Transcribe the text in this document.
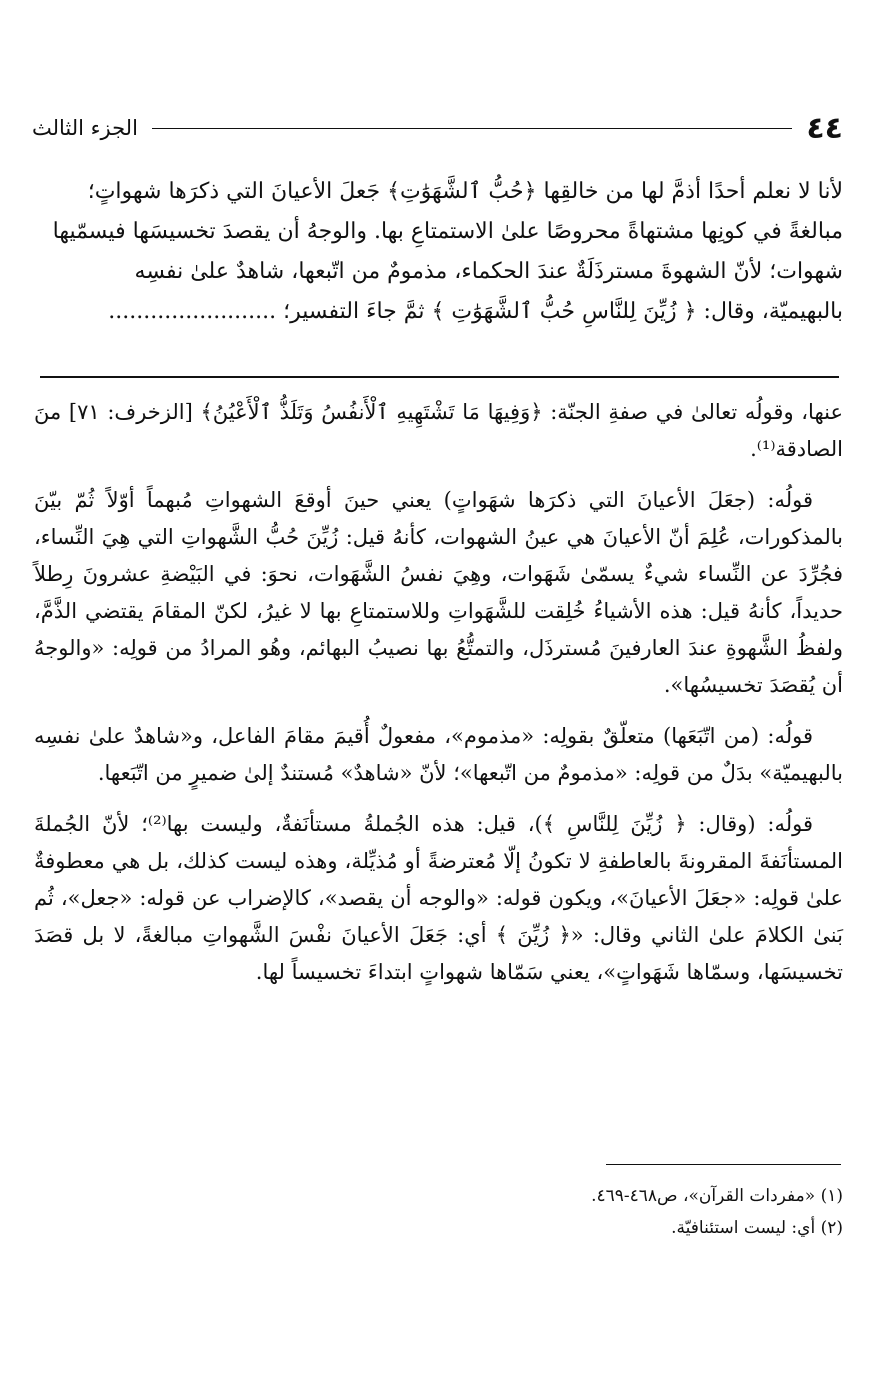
٤٤
الجزء الثالث

لأنا لا نعلم أحدًا أذمَّ لها من خالقِها ﴿حُبُّ ٱلشَّهَوَٰتِ﴾ جَعلَ الأعيانَ التي ذكرَها شهواتٍ؛

مبالغةً في كونِها مشتهاةً محروصًا علىٰ الاستمتاعِ بها. والوجهُ أن يقصدَ تخسيسَها فيسمّيها

شهوات؛ لأنّ الشهوةَ مسترذَلَةٌ عندَ الحكماء، مذمومٌ من اتّبعها، شاهدٌ علىٰ نفسِه

بالبهيميّة، وقال: ﴿ زُيِّنَ لِلنَّاسِ حُبُّ ٱلشَّهَوَٰتِ ﴾ ثمَّ جاءَ التفسير؛ ........................

عنها، وقولُه تعالىٰ في صفةِ الجنّة: ﴿وَفِيهَا مَا تَشْتَهِيهِ ٱلْأَنفُسُ وَتَلَذُّ ٱلْأَعْيُنُ﴾ [الزخرف: ٧١] منَ الصادقة⁽¹⁾.

قولُه: (جعَلَ الأعيانَ التي ذكرَها شهَواتٍ) يعني حينَ أوقعَ الشهواتِ مُبهماً أوّلاً ثُمّ بيّنَ بالمذكورات، عُلِمَ أنّ الأعيانَ هي عينُ الشهوات، كأنهُ قيل: زُيِّنَ حُبُّ الشَّهواتِ التي هِيَ النِّساء، فجُرِّدَ عن النِّساء شيءٌ يسمّىٰ شَهَوات، وهِيَ نفسُ الشَّهَوات، نحوَ: في البَيْضةِ عشرونَ رِطلاً حديداً، كأنهُ قيل: هذه الأشياءُ خُلِقت للشَّهَواتِ وللاستمتاعِ بها لا غيرُ، لكنّ المقامَ يقتضي الذَّمَّ، ولفظُ الشَّهوةِ عندَ العارفينَ مُسترذَل، والتمتُّعُ بها نصيبُ البهائم، وهُو المرادُ من قولِه: «والوجهُ أن يُقصَدَ تخسيسُها».

قولُه: (من اتّبَعَها) متعلّقٌ بقولِه: «مذموم»، مفعولٌ أُقيمَ مقامَ الفاعل، و«شاهدٌ علىٰ نفسِه بالبهيميّة» بدَلٌ من قولِه: «مذمومٌ من اتّبعها»؛ لأنّ «شاهدٌ» مُستندٌ إلىٰ ضميرٍ من اتّبَعها.

قولُه: (وقال: ﴿ زُيِّنَ لِلنَّاسِ ﴾)، قيل: هذه الجُملةُ مستأنَفةٌ، وليست بها⁽²⁾؛ لأنّ الجُملةَ المستأنَفةَ المقرونةَ بالعاطفةِ لا تكونُ إلّا مُعترضةً أو مُذيِّلة، وهذه ليست كذلك، بل هي معطوفةٌ علىٰ قولِه: «جعَلَ الأعيانَ»، ويكون قوله: «والوجه أن يقصد»، كالإضراب عن قوله: «جعل»، ثُم بَنىٰ الكلامَ علىٰ الثاني وقال: «﴿ زُيِّنَ ﴾ أي: جَعَلَ الأعيانَ نفْسَ الشَّهواتِ مبالغةً، لا بل قصَدَ تخسيسَها، وسمّاها شَهَواتٍ»، يعني سَمّاها شهواتٍ ابتداءَ تخسيساً لها.

(١) «مفردات القرآن»، ص٤٦٨-٤٦٩.

(٢) أي: ليست استئنافيّة.
